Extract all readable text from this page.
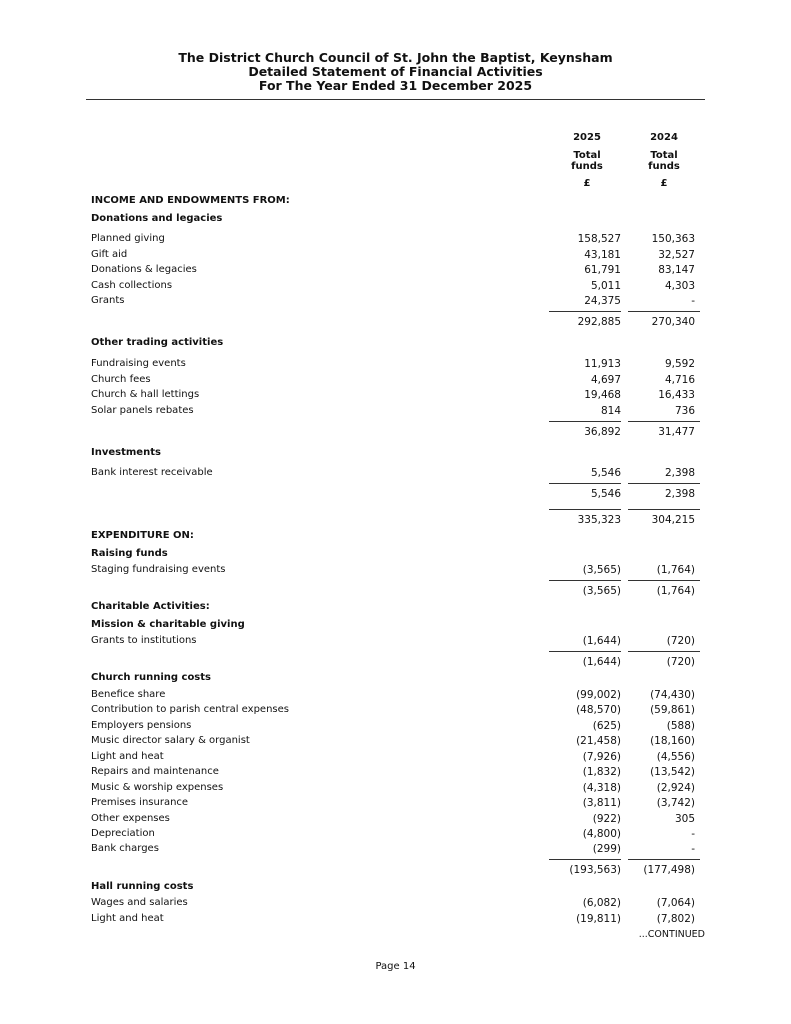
The District Church Council of St. John the Baptist, Keynsham
Detailed Statement of Financial Activities
For The Year Ended 31 December 2025
2025
Total
funds
£
2024
Total
funds
£
INCOME AND ENDOWMENTS FROM:
Donations and legacies
Planned giving	158,527	150,363
Gift aid	43,181	32,527
Donations & legacies	61,791	83,147
Cash collections	5,011	4,303
Grants	24,375	-
292,885	270,340
Other trading activities
Fundraising events	11,913	9,592
Church fees	4,697	4,716
Church & hall lettings	19,468	16,433
Solar panels rebates	814	736
36,892	31,477
Investments
Bank interest receivable	5,546	2,398
5,546	2,398
335,323	304,215
EXPENDITURE ON:
Raising funds
Staging fundraising events	(3,565)	(1,764)
(3,565)	(1,764)
Charitable Activities:
Mission & charitable giving
Grants to institutions	(1,644)	(720)
(1,644)	(720)
Church running costs
Benefice share	(99,002)	(74,430)
Contribution to parish central expenses	(48,570)	(59,861)
Employers pensions	(625)	(588)
Music director salary & organist	(21,458)	(18,160)
Light and heat	(7,926)	(4,556)
Repairs and maintenance	(1,832)	(13,542)
Music & worship expenses	(4,318)	(2,924)
Premises insurance	(3,811)	(3,742)
Other expenses	(922)	305
Depreciation	(4,800)	-
Bank charges	(299)	-
(193,563) (177,498)
Hall running costs
Wages and salaries	(6,082)	(7,064)
Light and heat	(19,811)	(7,802)
...CONTINUED
Page 14
